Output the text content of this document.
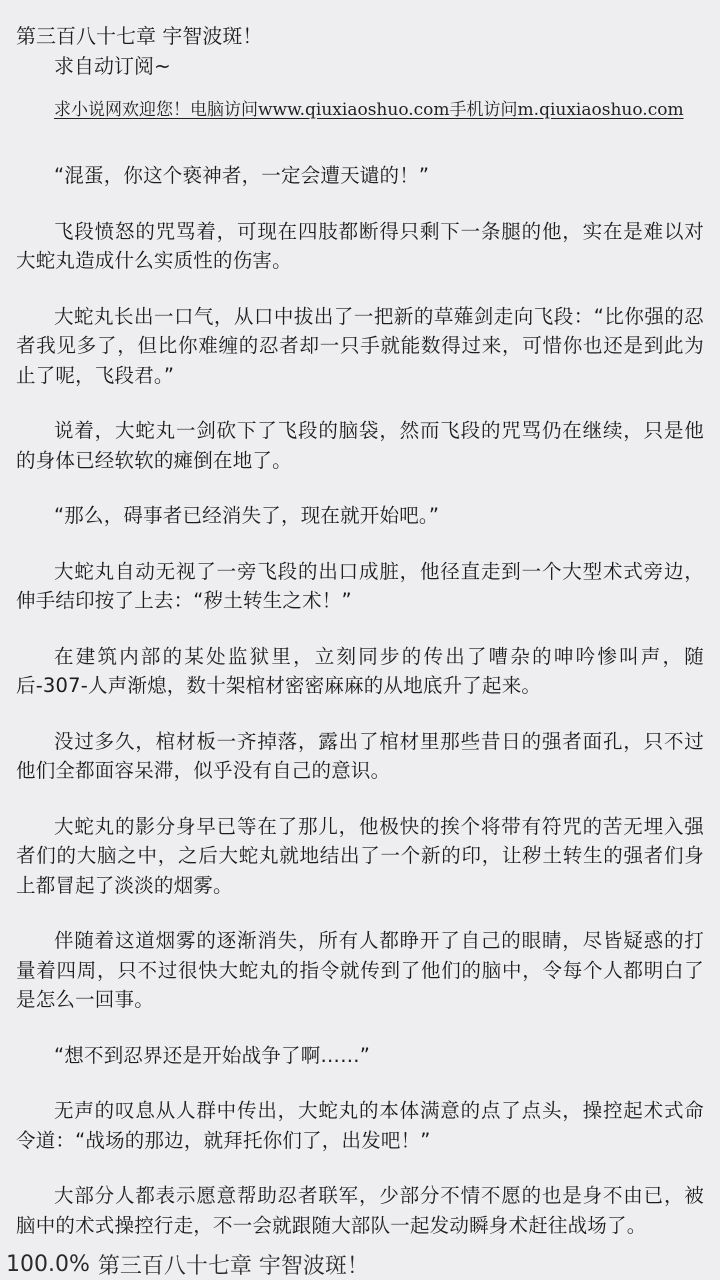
第三百八十七章 宇智波斑！
求自动订阅~
求小说网欢迎您！电脑访问www.qiuxiaoshuo.com手机访问m.qiuxiaoshuo.com

“混蛋，你这个亵神者，一定会遭天谴的！”

飞段愤怒的咒骂着，可现在四肢都断得只剩下一条腿的他，实在是难以对大蛇丸造成什么实质性的伤害。

大蛇丸长出一口气，从口中拔出了一把新的草薙剑走向飞段：“比你强的忍者我见多了，但比你难缠的忍者却一只手就能数得过来，可惜你也还是到此为止了呢，飞段君。”

说着，大蛇丸一剑砍下了飞段的脑袋，然而飞段的咒骂仍在继续，只是他的身体已经软软的瘫倒在地了。

“那么，碍事者已经消失了，现在就开始吧。”

大蛇丸自动无视了一旁飞段的出口成脏，他径直走到一个大型术式旁边，伸手结印按了上去：“秽土转生之术！”

在建筑内部的某处监狱里，立刻同步的传出了嘈杂的呻吟惨叫声，随后-307-人声渐熄，数十架棺材密密麻麻的从地底升了起来。

没过多久，棺材板一齐掉落，露出了棺材里那些昔日的强者面孔，只不过他们全都面容呆滞，似乎没有自己的意识。

大蛇丸的影分身早已等在了那儿，他极快的挨个将带有符咒的苦无埋入强者们的大脑之中，之后大蛇丸就地结出了一个新的印，让秽土转生的强者们身上都冒起了淡淡的烟雾。

伴随着这道烟雾的逐渐消失，所有人都睁开了自己的眼睛，尽皆疑惑的打量着四周，只不过很快大蛇丸的指令就传到了他们的脑中，令每个人都明白了是怎么一回事。

“想不到忍界还是开始战争了啊……”

无声的叹息从人群中传出，大蛇丸的本体满意的点了点头，操控起术式命令道：“战场的那边，就拜托你们了，出发吧！”

大部分人都表示愿意帮助忍者联军，少部分不情不愿的也是身不由已，被脑中的术式操控行走，不一会就跟随大部队一起发动瞬身术赶往战场了。

100.0% 第三百八十七章 宇智波斑！
